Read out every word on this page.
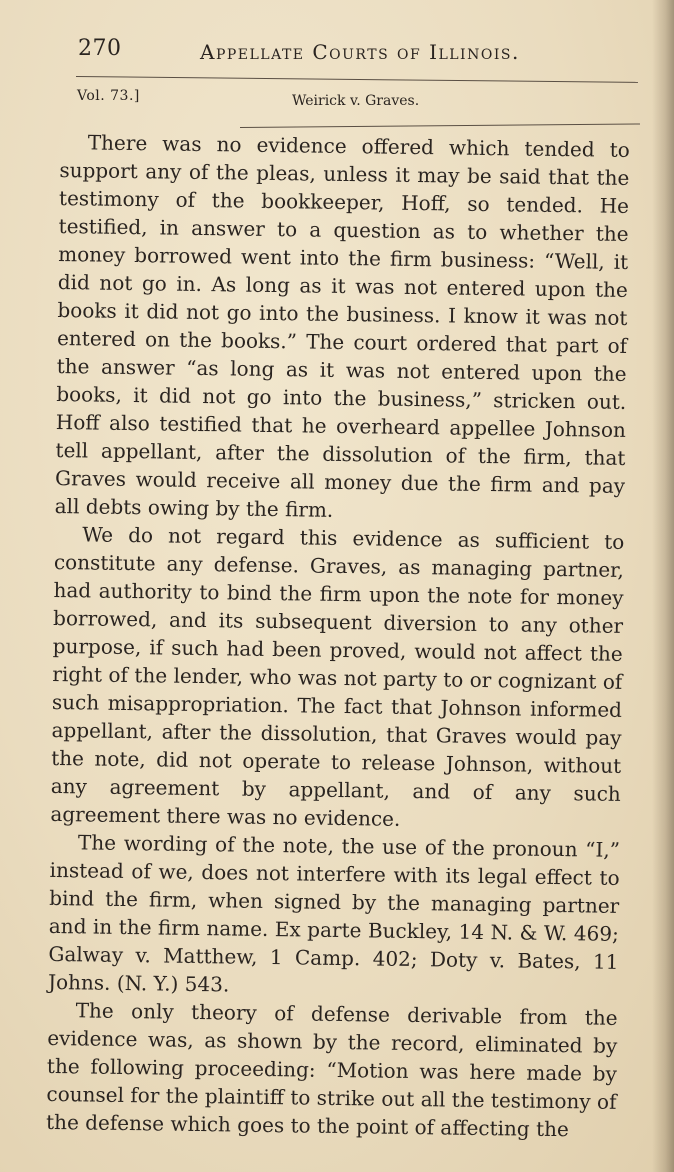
270	Appellate Courts of Illinois.
Vol. 73.]	Weirick v. Graves.

There was no evidence offered which tended to support any of the pleas, unless it may be said that the testimony of the bookkeeper, Hoff, so tended. He testified, in answer to a question as to whether the money borrowed went into the firm business: “Well, it did not go in. As long as it was not entered upon the books it did not go into the business. I know it was not entered on the books.” The court ordered that part of the answer “as long as it was not entered upon the books, it did not go into the business,” stricken out. Hoff also testified that he overheard appellee Johnson tell appellant, after the dissolution of the firm, that Graves would receive all money due the firm and pay all debts owing by the firm.

We do not regard this evidence as sufficient to constitute any defense. Graves, as managing partner, had authority to bind the firm upon the note for money borrowed, and its subsequent diversion to any other purpose, if such had been proved, would not affect the right of the lender, who was not party to or cognizant of such misappropriation. The fact that Johnson informed appellant, after the dissolution, that Graves would pay the note, did not operate to release Johnson, without any agreement by appellant, and of any such agreement there was no evidence.

The wording of the note, the use of the pronoun “I,” instead of we, does not interfere with its legal effect to bind the firm, when signed by the managing partner and in the firm name. Ex parte Buckley, 14 N. & W. 469; Galway v. Matthew, 1 Camp. 402; Doty v. Bates, 11 Johns. (N. Y.) 543.

The only theory of defense derivable from the evidence was, as shown by the record, eliminated by the following proceeding: “Motion was here made by counsel for the plaintiff to strike out all the testimony of the defense which goes to the point of affecting the
